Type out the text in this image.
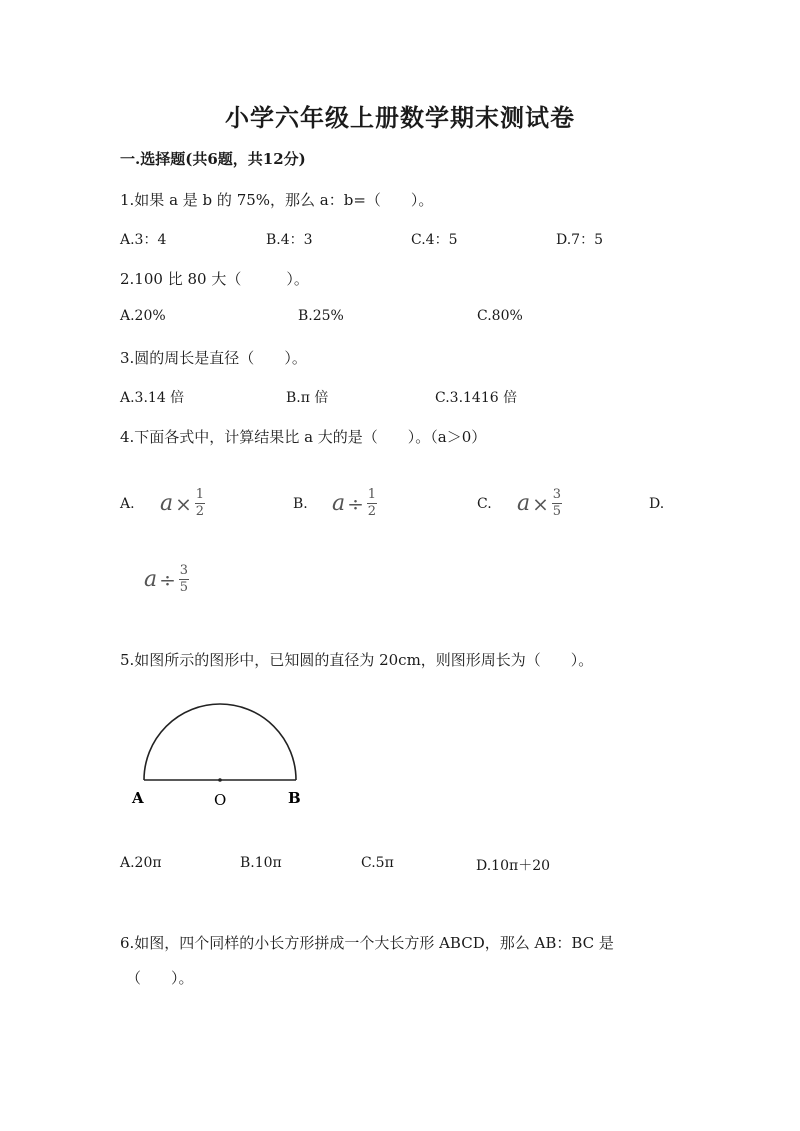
小学六年级上册数学期末测试卷
一.选择题(共6题，共12分)
1.如果 a 是 b 的 75%，那么 a：b=（　　）。
A.3：4	B.4：3	C.4：5	D.7：5
2.100 比 80 大（　　　）。
A.20%	B.25%	C.80%
3.圆的周长是直径（　　）。
A.3.14 倍	B.π 倍	C.3.1416 倍
4.下面各式中，计算结果比 a 大的是（　　）。（a＞0）
A. $a \times \frac{1}{2}$	B. $a \div \frac{1}{2}$	C. $a \times \frac{3}{5}$	D.
$a \div \frac{3}{5}$
5.如图所示的图形中，已知圆的直径为 20cm，则图形周长为（　　）。
A	O	B
A.20π	B.10π	C.5π	D.10π＋20
6.如图，四个同样的小长方形拼成一个大长方形 ABCD，那么 AB：BC 是
（　　）。
